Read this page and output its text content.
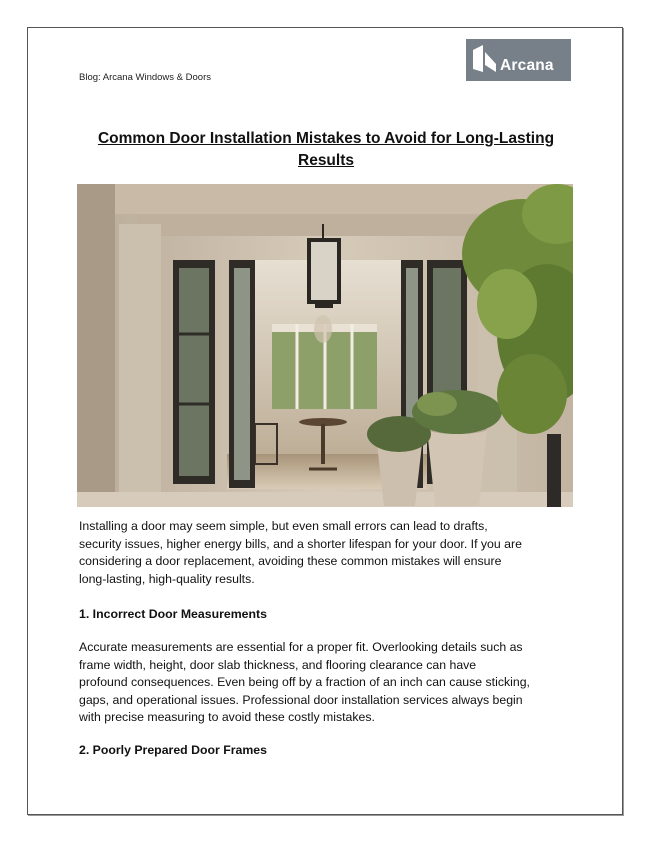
Blog: Arcana Windows & Doors
Arcana
Common Door Installation Mistakes to Avoid for Long-Lasting
Results
Installing a door may seem simple, but even small errors can lead to drafts,
security issues, higher energy bills, and a shorter lifespan for your door. If you are
considering a door replacement, avoiding these common mistakes will ensure
long-lasting, high-quality results.
1. Incorrect Door Measurements
Accurate measurements are essential for a proper fit. Overlooking details such as
frame width, height, door slab thickness, and flooring clearance can have
profound consequences. Even being off by a fraction of an inch can cause sticking,
gaps, and operational issues. Professional door installation services always begin
with precise measuring to avoid these costly mistakes.
2. Poorly Prepared Door Frames
